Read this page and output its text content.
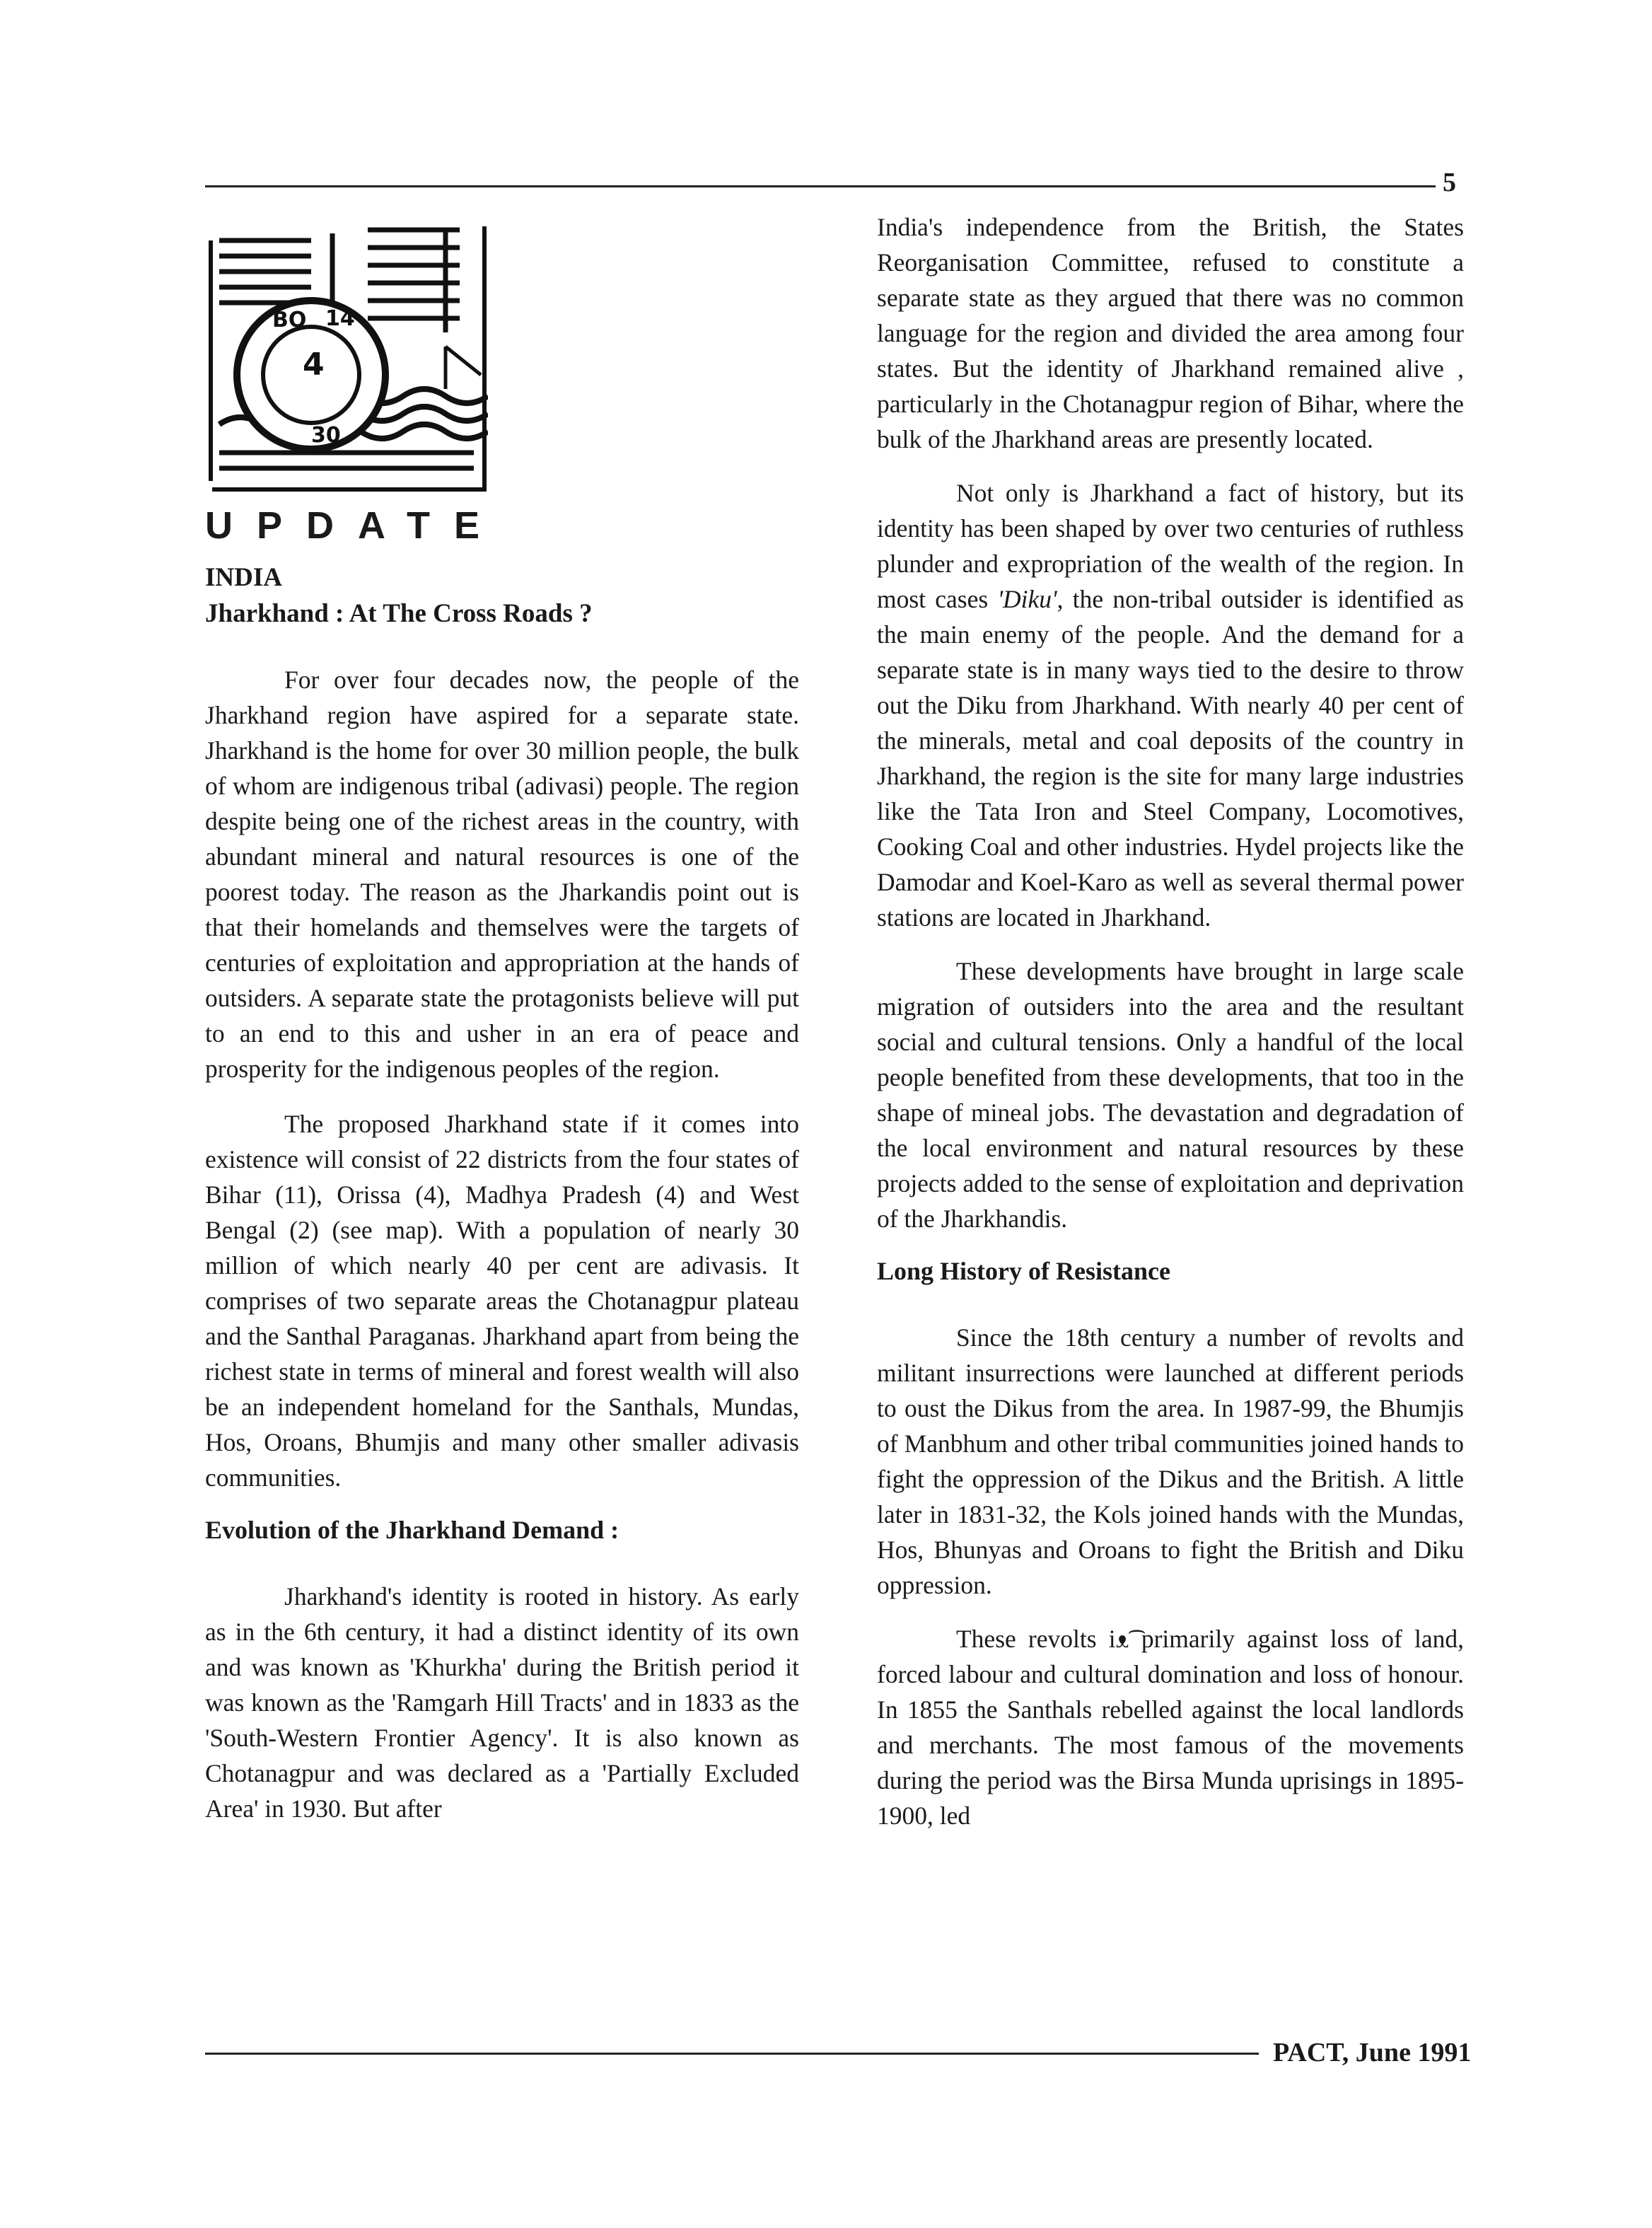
5
PACT, June 1991
4
BO 14
30
UPDATE
INDIA
Jharkhand : At The Cross Roads ?

For over four decades now, the people of the Jharkhand region have aspired for a separate state. Jharkhand is the home for over 30 million people, the bulk of whom are indigenous tribal (adivasi) people. The region despite being one of the richest areas in the country, with abundant mineral and natural resources is one of the poorest today. The reason as the Jharkandis point out is that their homelands and themselves were the targets of centuries of exploitation and appropriation at the hands of outsiders. A separate state the protagonists believe will put to an end to this and usher in an era of peace and prosperity for the indigenous peoples of the region.

The proposed Jharkhand state if it comes into existence will consist of 22 districts from the four states of Bihar (11), Orissa (4), Madhya Pradesh (4) and West Bengal (2) (see map). With a population of nearly 30 million of which nearly 40 per cent are adivasis. It comprises of two separate areas the Chotanagpur plateau and the Santhal Paraganas. Jharkhand apart from being the richest state in terms of mineral and forest wealth will also be an independent homeland for the Santhals, Mundas, Hos, Oroans, Bhumjis and many other smaller adivasis communities.

Evolution of the Jharkhand Demand :

Jharkhand's identity is rooted in history. As early as in the 6th century, it had a distinct identity of its own and was known as 'Khurkha' during the British period it was known as the 'Ramgarh Hill Tracts' and in 1833 as the 'South-Western Frontier Agency'. It is also known as Chotanagpur and was declared as a 'Partially Excluded Area' in 1930. But after

India's independence from the British, the States Reorganisation Committee, refused to constitute a separate state as they argued that there was no common language for the region and divided the area among four states. But the identity of Jharkhand remained alive , particularly in the Chotanagpur region of Bihar, where the bulk of the Jharkhand areas are presently located.

Not only is Jharkhand a fact of history, but its identity has been shaped by over two centuries of ruthless plunder and expropriation of the wealth of the region. In most cases 'Diku', the non-tribal outsider is identified as the main enemy of the people. And the demand for a separate state is in many ways tied to the desire to throw out the Diku from Jharkhand. With nearly 40 per cent of the minerals, metal and coal deposits of the country in Jharkhand, the region is the site for many large industries like the Tata Iron and Steel Company, Locomotives, Cooking Coal and other industries. Hydel projects like the Damodar and Koel-Karo as well as several thermal power stations are located in Jharkhand.

These developments have brought in large scale migration of outsiders into the area and the resultant social and cultural tensions. Only a handful of the local people benefited from these developments, that too in the shape of mineal jobs. The devastation and degradation of the local environment and natural resources by these projects added to the sense of exploitation and deprivation of the Jharkhandis.

Long History of Resistance

Since the 18th century a number of revolts and militant insurrections were launched at different periods to oust the Dikus from the area. In 1987-99, the Bhumjis of Manbhum and other tribal communities joined hands to fight the oppression of the Dikus and the British. A little later in 1831-32, the Kols joined hands with the Mundas, Hos, Bhunyas and Oroans to fight the British and Diku oppression.

These revolts іᴥ͡ primarily against loss of land, forced labour and cultural domination and loss of honour. In 1855 the Santhals rebelled against the local landlords and merchants. The most famous of the movements during the period was the Birsa Munda uprisings in 1895-1900, led
